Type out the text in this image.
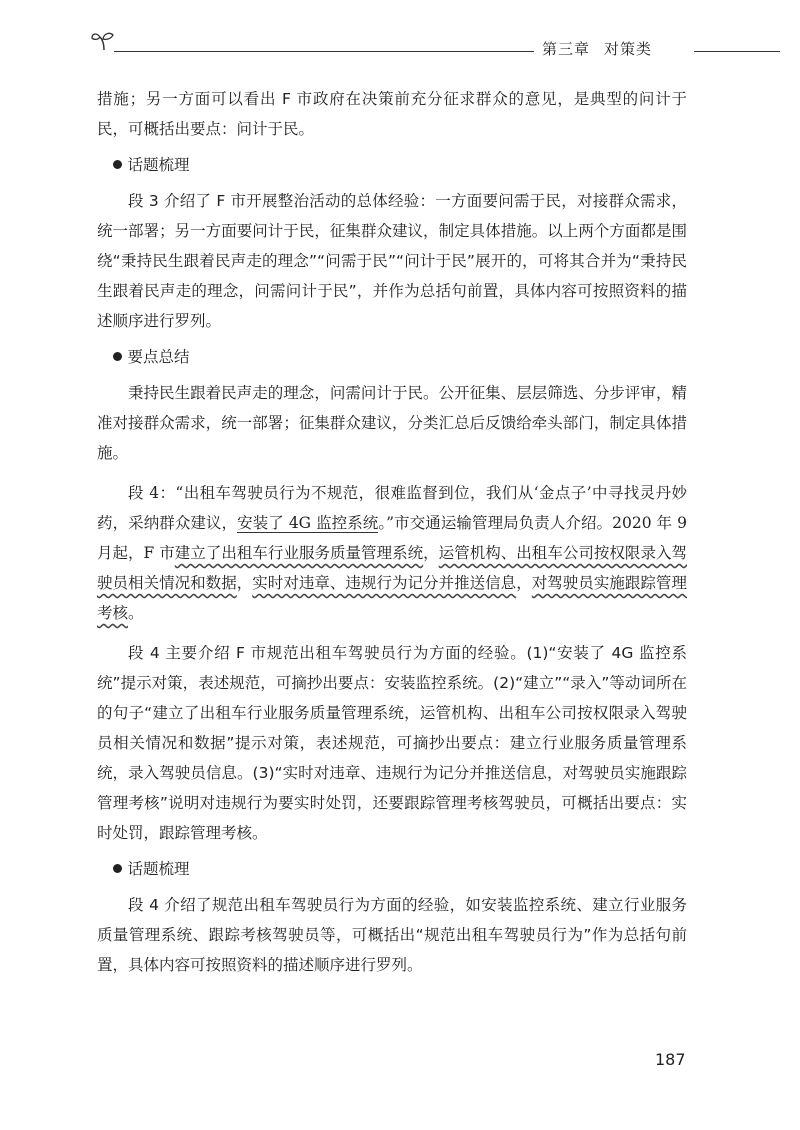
第三章 对策类

措施；另一方面可以看出 F 市政府在决策前充分征求群众的意见，是典型的问计于民，可概括出要点：问计于民。

话题梳理

段 3 介绍了 F 市开展整治活动的总体经验：一方面要问需于民，对接群众需求，统一部署；另一方面要问计于民，征集群众建议，制定具体措施。以上两个方面都是围绕“秉持民生跟着民声走的理念”“问需于民”“问计于民”展开的，可将其合并为“秉持民生跟着民声走的理念，问需问计于民”，并作为总括句前置，具体内容可按照资料的描述顺序进行罗列。

要点总结

秉持民生跟着民声走的理念，问需问计于民。公开征集、层层筛选、分步评审，精准对接群众需求，统一部署；征集群众建议，分类汇总后反馈给牵头部门，制定具体措施。

段 4：“出租车驾驶员行为不规范，很难监督到位，我们从‘金点子’中寻找灵丹妙药，采纳群众建议，安装了 4G 监控系统。”市交通运输管理局负责人介绍。2020 年 9 月起，F 市建立了出租车行业服务质量管理系统，运管机构、出租车公司按权限录入驾驶员相关情况和数据，实时对违章、违规行为记分并推送信息，对驾驶员实施跟踪管理考核。

段 4 主要介绍 F 市规范出租车驾驶员行为方面的经验。(1)“安装了 4G 监控系统”提示对策，表述规范，可摘抄出要点：安装监控系统。(2)“建立”“录入”等动词所在的句子“建立了出租车行业服务质量管理系统，运管机构、出租车公司按权限录入驾驶员相关情况和数据”提示对策，表述规范，可摘抄出要点：建立行业服务质量管理系统，录入驾驶员信息。(3)“实时对违章、违规行为记分并推送信息，对驾驶员实施跟踪管理考核”说明对违规行为要实时处罚，还要跟踪管理考核驾驶员，可概括出要点：实时处罚，跟踪管理考核。

话题梳理

段 4 介绍了规范出租车驾驶员行为方面的经验，如安装监控系统、建立行业服务质量管理系统、跟踪考核驾驶员等，可概括出“规范出租车驾驶员行为”作为总括句前置，具体内容可按照资料的描述顺序进行罗列。

187
